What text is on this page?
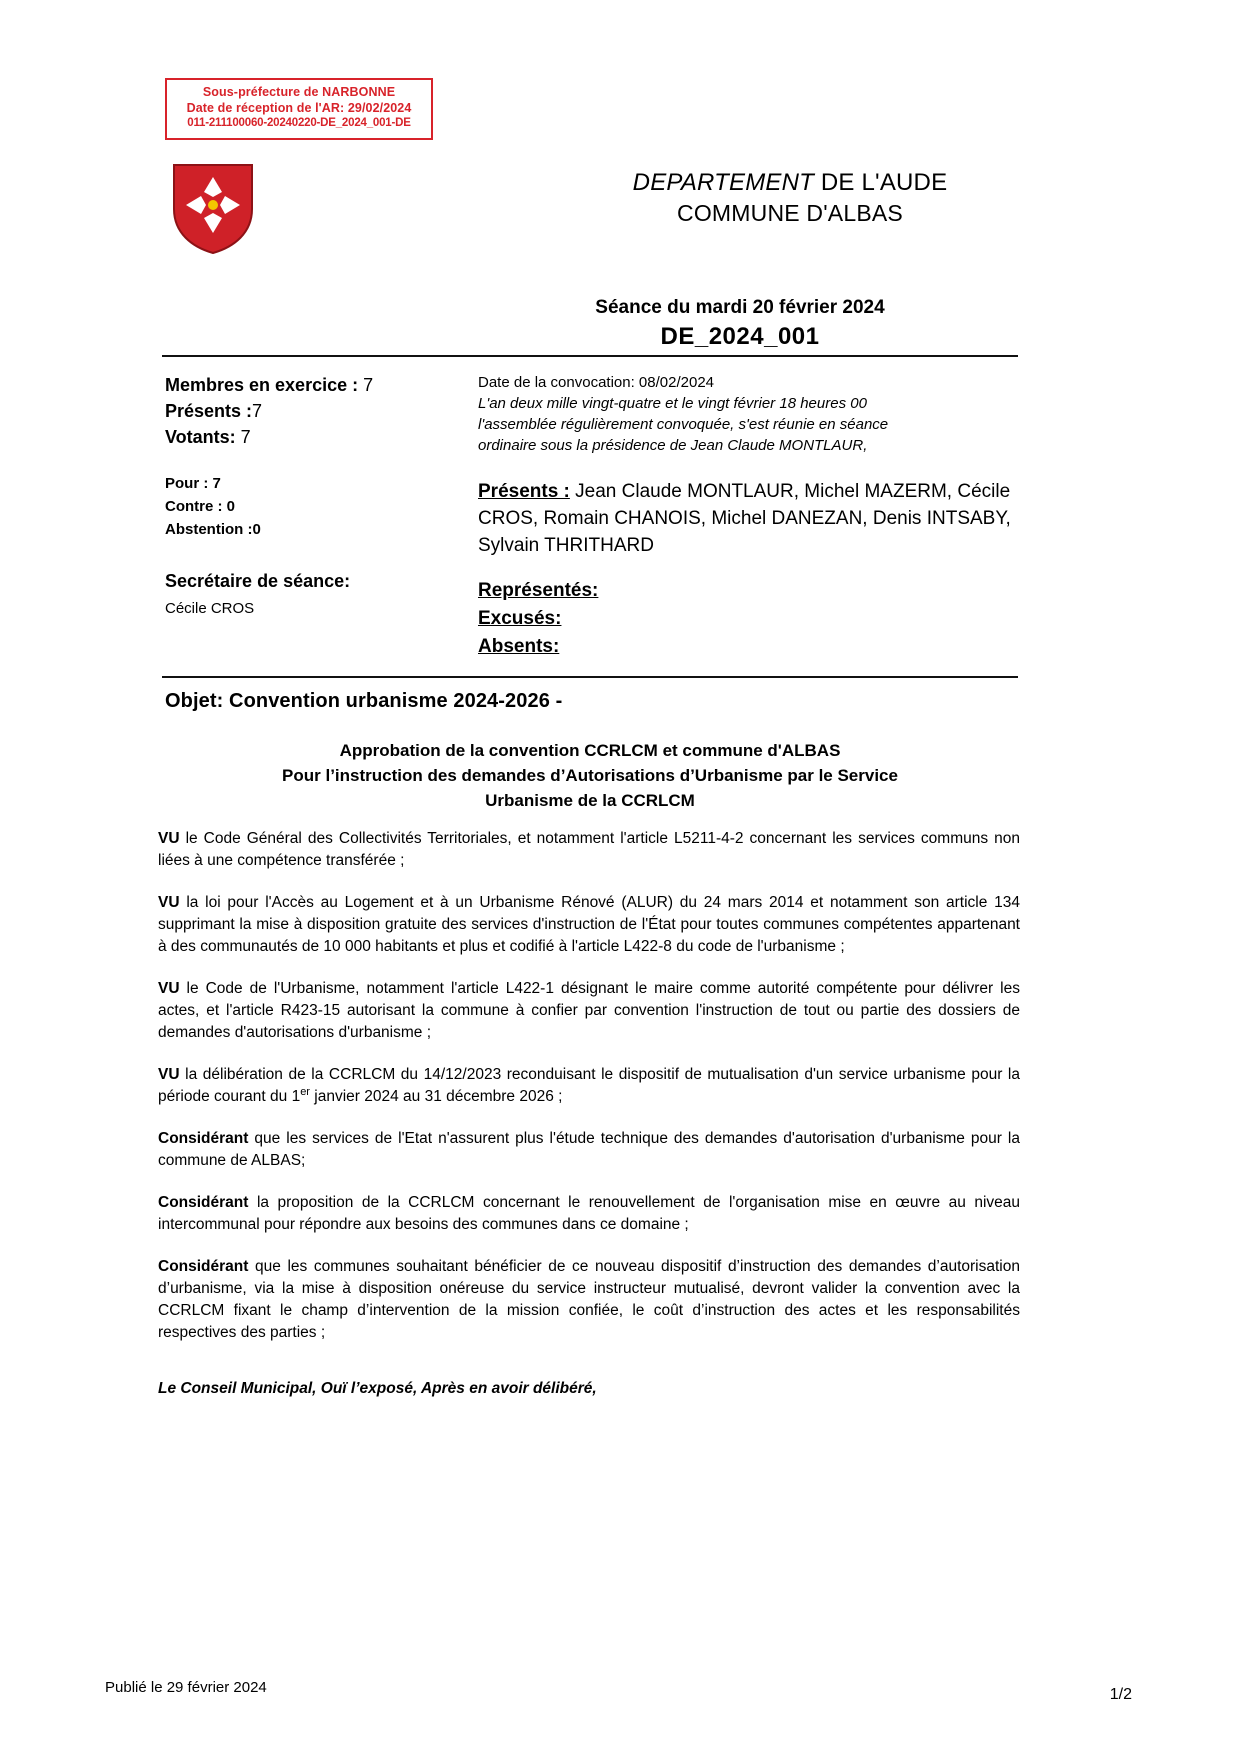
Sous-préfecture de NARBONNE
Date de réception de l'AR: 29/02/2024
011-211100060-20240220-DE_2024_001-DE
DEPARTEMENT DE L'AUDE
COMMUNE D'ALBAS
Séance du mardi 20 février 2024
DE_2024_001
Membres en exercice : 7
Présents :7
Votants: 7
Pour : 7
Contre : 0
Abstention :0
Secrétaire de séance:
Cécile CROS
Date de la convocation: 08/02/2024
L'an deux mille vingt-quatre et le vingt février 18 heures 00
l'assemblée régulièrement convoquée, s'est réunie en séance
ordinaire sous la présidence de Jean Claude MONTLAUR,
Présents : Jean Claude MONTLAUR, Michel MAZERM, Cécile CROS, Romain CHANOIS, Michel DANEZAN, Denis INTSABY, Sylvain THRITHARD
Représentés:
Excusés:
Absents:
Objet: Convention urbanisme 2024-2026 -
Approbation de la convention CCRLCM et commune d'ALBAS
Pour l’instruction des demandes d’Autorisations d’Urbanisme par le Service
Urbanisme de la CCRLCM
VU le Code Général des Collectivités Territoriales, et notamment l'article L5211-4-2 concernant les services communs non liées à une compétence transférée ;
VU la loi pour l'Accès au Logement et à un Urbanisme Rénové (ALUR) du 24 mars 2014 et notamment son article 134 supprimant la mise à disposition gratuite des services d'instruction de l'État pour toutes communes compétentes appartenant à des communautés de 10 000 habitants et plus et codifié à l'article L422-8 du code de l'urbanisme ;
VU le Code de l'Urbanisme, notamment l'article L422-1 désignant le maire comme autorité compétente pour délivrer les actes, et l'article R423-15 autorisant la commune à confier par convention l'instruction de tout ou partie des dossiers de demandes d'autorisations d'urbanisme ;
VU la délibération de la CCRLCM du 14/12/2023 reconduisant le dispositif de mutualisation d'un service urbanisme pour la période courant du 1er janvier 2024 au 31 décembre 2026 ;
Considérant que les services de l'Etat n'assurent plus l'étude technique des demandes d'autorisation d'urbanisme pour la commune de ALBAS;
Considérant la proposition de la CCRLCM concernant le renouvellement de l'organisation mise en œuvre au niveau intercommunal pour répondre aux besoins des communes dans ce domaine ;
Considérant que les communes souhaitant bénéficier de ce nouveau dispositif d’instruction des demandes d’autorisation d’urbanisme, via la mise à disposition onéreuse du service instructeur mutualisé, devront valider la convention avec la CCRLCM fixant le champ d’intervention de la mission confiée, le coût d’instruction des actes et les responsabilités respectives des parties ;
Le Conseil Municipal, Ouï l’exposé, Après en avoir délibéré,
Publié le 29 février 2024	1/2
